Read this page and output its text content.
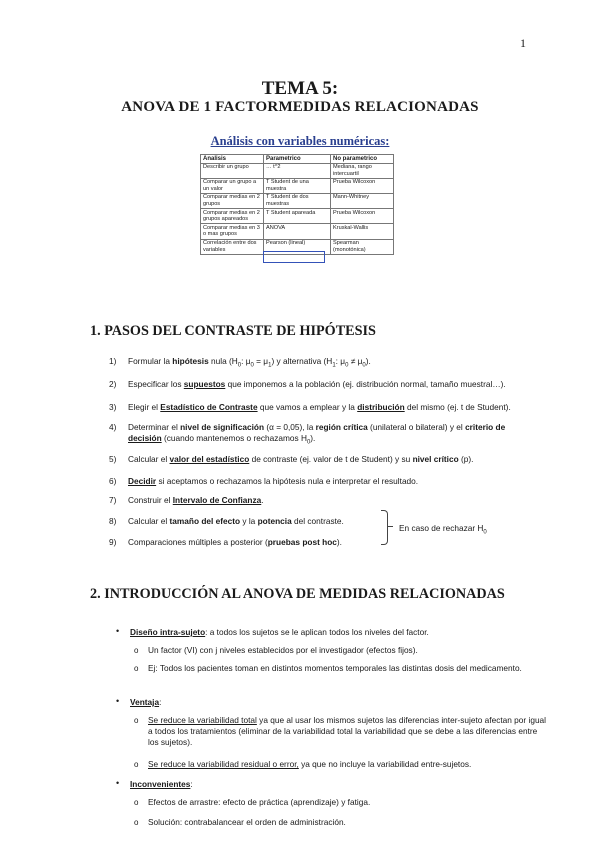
1
TEMA 5:
ANOVA DE 1 FACTORMEDIDAS RELACIONADAS
Análisis con variables numéricas:
Analisis	Parametrico	No parametrico
Describir un grupo	… t^2	Mediana, rango intercuartil
Comparar un grupo a un valor	T Student de una muestra	Prueba Wilcoxon
Comparar medias en 2 grupos	T Student de dos muestras	Mann-Whitney
Comparar medias en 2 grupos apareados	T Student apareada	Prueba Wilcoxon
Comparar medias en 3 o mas grupos	ANOVA	Kruskal-Wallis
Correlación entre dos variables	Pearson (lineal)	Spearman (monotónica)
1. PASOS DEL CONTRASTE DE HIPÓTESIS
1) Formular la hipótesis nula ($H_0$: $\mu_0 = \mu_1$) y alternativa ($H_1$: $\mu_0 \ne \mu_0$).
2) Especificar los supuestos que imponemos a la población (ej. distribución normal, tamaño muestral…).
3) Elegir el Estadístico de Contraste que vamos a emplear y la distribución del mismo (ej. t de Student).
4) Determinar el nivel de significación (α = 0,05), la región crítica (unilateral o bilateral) y el criterio de
decisión (cuando mantenemos o rechazamos $H_0$).
5) Calcular el valor del estadístico de contraste (ej. valor de t de Student) y su nivel crítico (p).
6) Decidir si aceptamos o rechazamos la hipótesis nula e interpretar el resultado.
7) Construir el Intervalo de Confianza.
8) Calcular el tamaño del efecto y la potencia del contraste.
9) Comparaciones múltiples a posterior (pruebas post hoc).
En caso de rechazar $H_0$
2. INTRODUCCIÓN AL ANOVA DE MEDIDAS RELACIONADAS
• Diseño intra-sujeto: a todos los sujetos se le aplican todos los niveles del factor.
o Un factor (VI) con j niveles establecidos por el investigador (efectos fijos).
o Ej: Todos los pacientes toman en distintos momentos temporales las distintas dosis del medicamento.
• Ventaja:
o Se reduce la variabilidad total ya que al usar los mismos sujetos las diferencias inter-sujeto afectan por igual a todos los tratamientos (eliminar de la variabilidad total la variabilidad que se debe a las diferencias entre los sujetos).
o Se reduce la variabilidad residual o error, ya que no incluye la variabilidad entre-sujetos.
• Inconvenientes:
o Efectos de arrastre: efecto de práctica (aprendizaje) y fatiga.
o Solución: contrabalancear el orden de administración.
